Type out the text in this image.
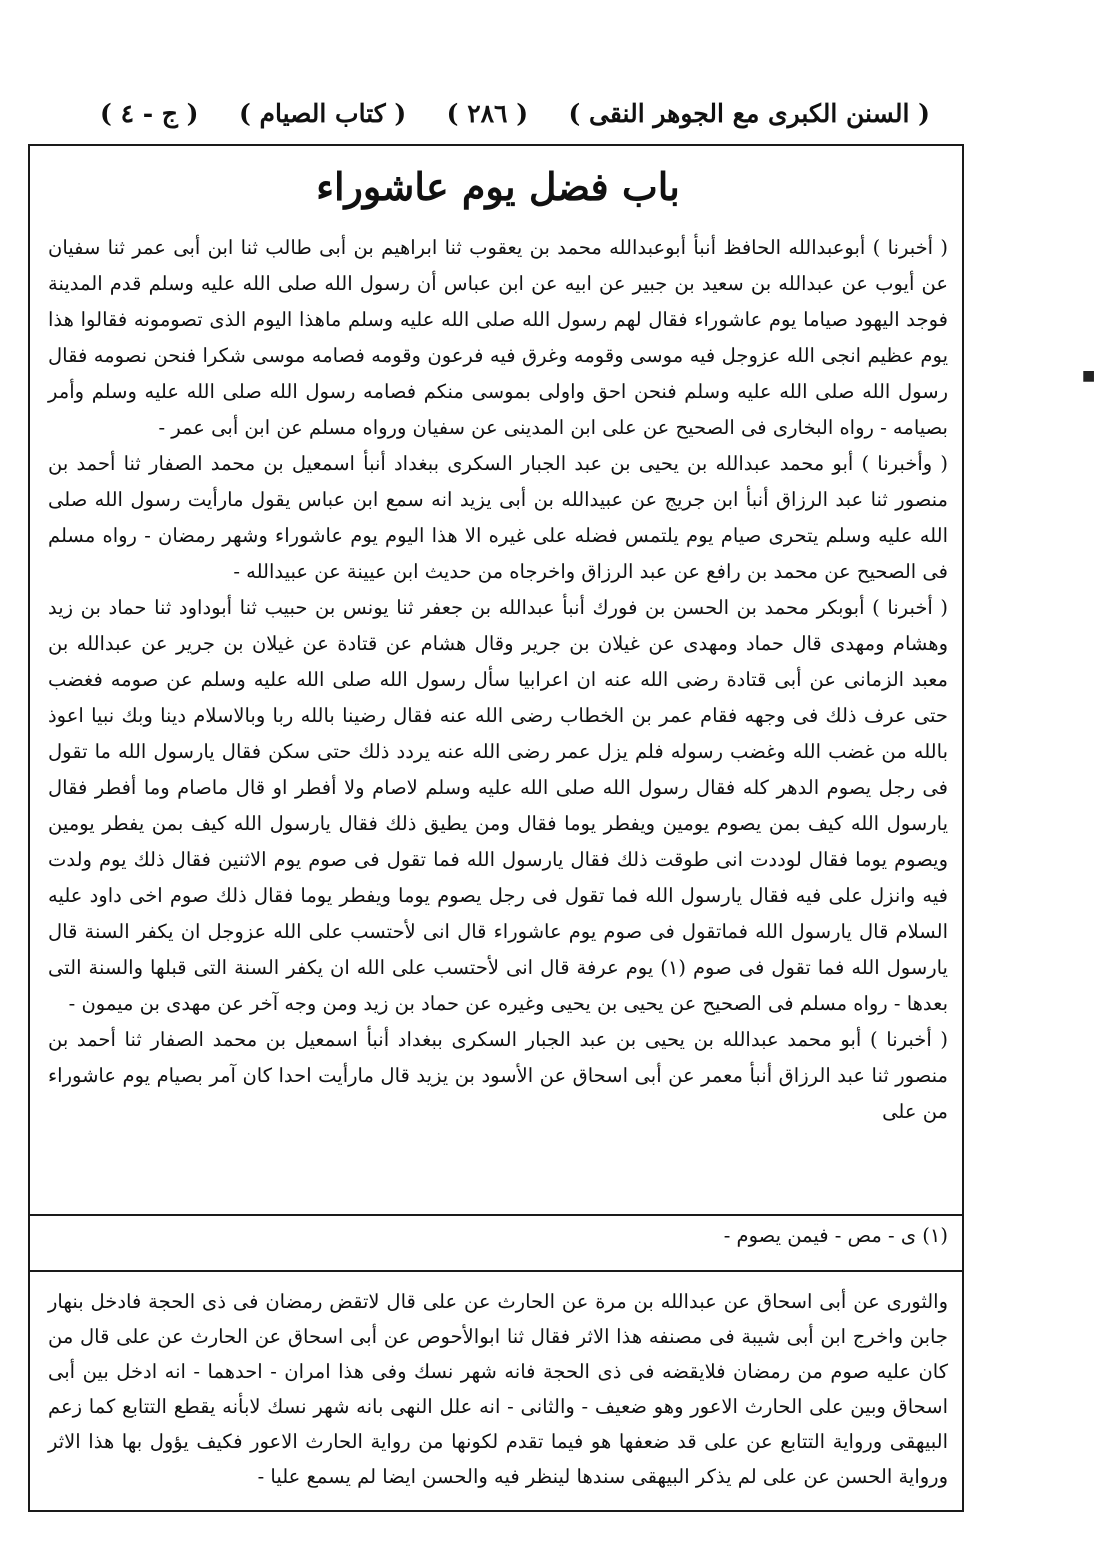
( السنن الكبرى مع الجوهر النقى )
( ٢٨٦ )
( كتاب الصيام )
( ج - ٤ )
باب فضل يوم عاشوراء

( أخبرنا ) أبوعبدالله الحافظ أنبأ أبوعبدالله محمد بن يعقوب ثنا ابراهيم بن أبى طالب ثنا ابن أبى عمر ثنا سفيان عن أيوب عن عبدالله بن سعيد بن جبير عن ابيه عن ابن عباس أن رسول الله صلى الله عليه وسلم قدم المدينة فوجد اليهود صياما يوم عاشوراء فقال لهم رسول الله صلى الله عليه وسلم ماهذا اليوم الذى تصومونه فقالوا هذا يوم عظيم انجى الله عزوجل فيه موسى وقومه وغرق فيه فرعون وقومه فصامه موسى شكرا فنحن نصومه فقال رسول الله صلى الله عليه وسلم فنحن احق واولى بموسى منكم فصامه رسول الله صلى الله عليه وسلم وأمر بصيامه - رواه البخارى فى الصحيح عن على ابن المدينى عن سفيان ورواه مسلم عن ابن أبى عمر -

( وأخبرنا ) أبو محمد عبدالله بن يحيى بن عبد الجبار السكرى ببغداد أنبأ اسمعيل بن محمد الصفار ثنا أحمد بن منصور ثنا عبد الرزاق أنبأ ابن جريج عن عبيدالله بن أبى يزيد انه سمع ابن عباس يقول مارأيت رسول الله صلى الله عليه وسلم يتحرى صيام يوم يلتمس فضله على غيره الا هذا اليوم يوم عاشوراء وشهر رمضان - رواه مسلم فى الصحيح عن محمد بن رافع عن عبد الرزاق واخرجاه من حديث ابن عيينة عن عبيدالله -

( أخبرنا ) أبوبكر محمد بن الحسن بن فورك أنبأ عبدالله بن جعفر ثنا يونس بن حبيب ثنا أبوداود ثنا حماد بن زيد وهشام ومهدى قال حماد ومهدى عن غيلان بن جرير وقال هشام عن قتادة عن غيلان بن جرير عن عبدالله بن معبد الزمانى عن أبى قتادة رضى الله عنه ان اعرابيا سأل رسول الله صلى الله عليه وسلم عن صومه فغضب حتى عرف ذلك فى وجهه فقام عمر بن الخطاب رضى الله عنه فقال رضينا بالله ربا وبالاسلام دينا وبك نبيا اعوذ بالله من غضب الله وغضب رسوله فلم يزل عمر رضى الله عنه يردد ذلك حتى سكن فقال يارسول الله ما تقول فى رجل يصوم الدهر كله فقال رسول الله صلى الله عليه وسلم لاصام ولا أفطر او قال ماصام وما أفطر فقال يارسول الله كيف بمن يصوم يومين ويفطر يوما فقال ومن يطيق ذلك فقال يارسول الله كيف بمن يفطر يومين ويصوم يوما فقال لوددت انى طوقت ذلك فقال يارسول الله فما تقول فى صوم يوم الاثنين فقال ذلك يوم ولدت فيه وانزل على فيه فقال يارسول الله فما تقول فى رجل يصوم يوما ويفطر يوما فقال ذلك صوم اخى داود عليه السلام قال يارسول الله فماتقول فى صوم يوم عاشوراء قال انى لأحتسب على الله عزوجل ان يكفر السنة قال يارسول الله فما تقول فى صوم (١) يوم عرفة قال انى لأحتسب على الله ان يكفر السنة التى قبلها والسنة التى بعدها - رواه مسلم فى الصحيح عن يحيى بن يحيى وغيره عن حماد بن زيد ومن وجه آخر عن مهدى بن ميمون -

( أخبرنا ) أبو محمد عبدالله بن يحيى بن عبد الجبار السكرى ببغداد أنبأ اسمعيل بن محمد الصفار ثنا أحمد بن منصور ثنا عبد الرزاق أنبأ معمر عن أبى اسحاق عن الأسود بن يزيد قال مارأيت احدا كان آمر بصيام يوم عاشوراء من على

(١) ى - مص - فيمن يصوم -
والثورى عن أبى اسحاق عن عبدالله بن مرة عن الحارث عن على قال لاتقض رمضان فى ذى الحجة فادخل بنهار جابن واخرج ابن أبى شيبة فى مصنفه هذا الاثر فقال ثنا ابوالأحوص عن أبى اسحاق عن الحارث عن على قال من كان عليه صوم من رمضان فلايقضه فى ذى الحجة فانه شهر نسك وفى هذا امران - احدهما - انه ادخل بين أبى اسحاق وبين على الحارث الاعور وهو ضعيف - والثانى - انه علل النهى بانه شهر نسك لابأنه يقطع التتابع كما زعم البيهقى ورواية التتابع عن على قد ضعفها هو فيما تقدم لكونها من رواية الحارث الاعور فكيف يؤول بها هذا الاثر ورواية الحسن عن على لم يذكر البيهقى سندها لينظر فيه والحسن ايضا لم يسمع عليا -
■
